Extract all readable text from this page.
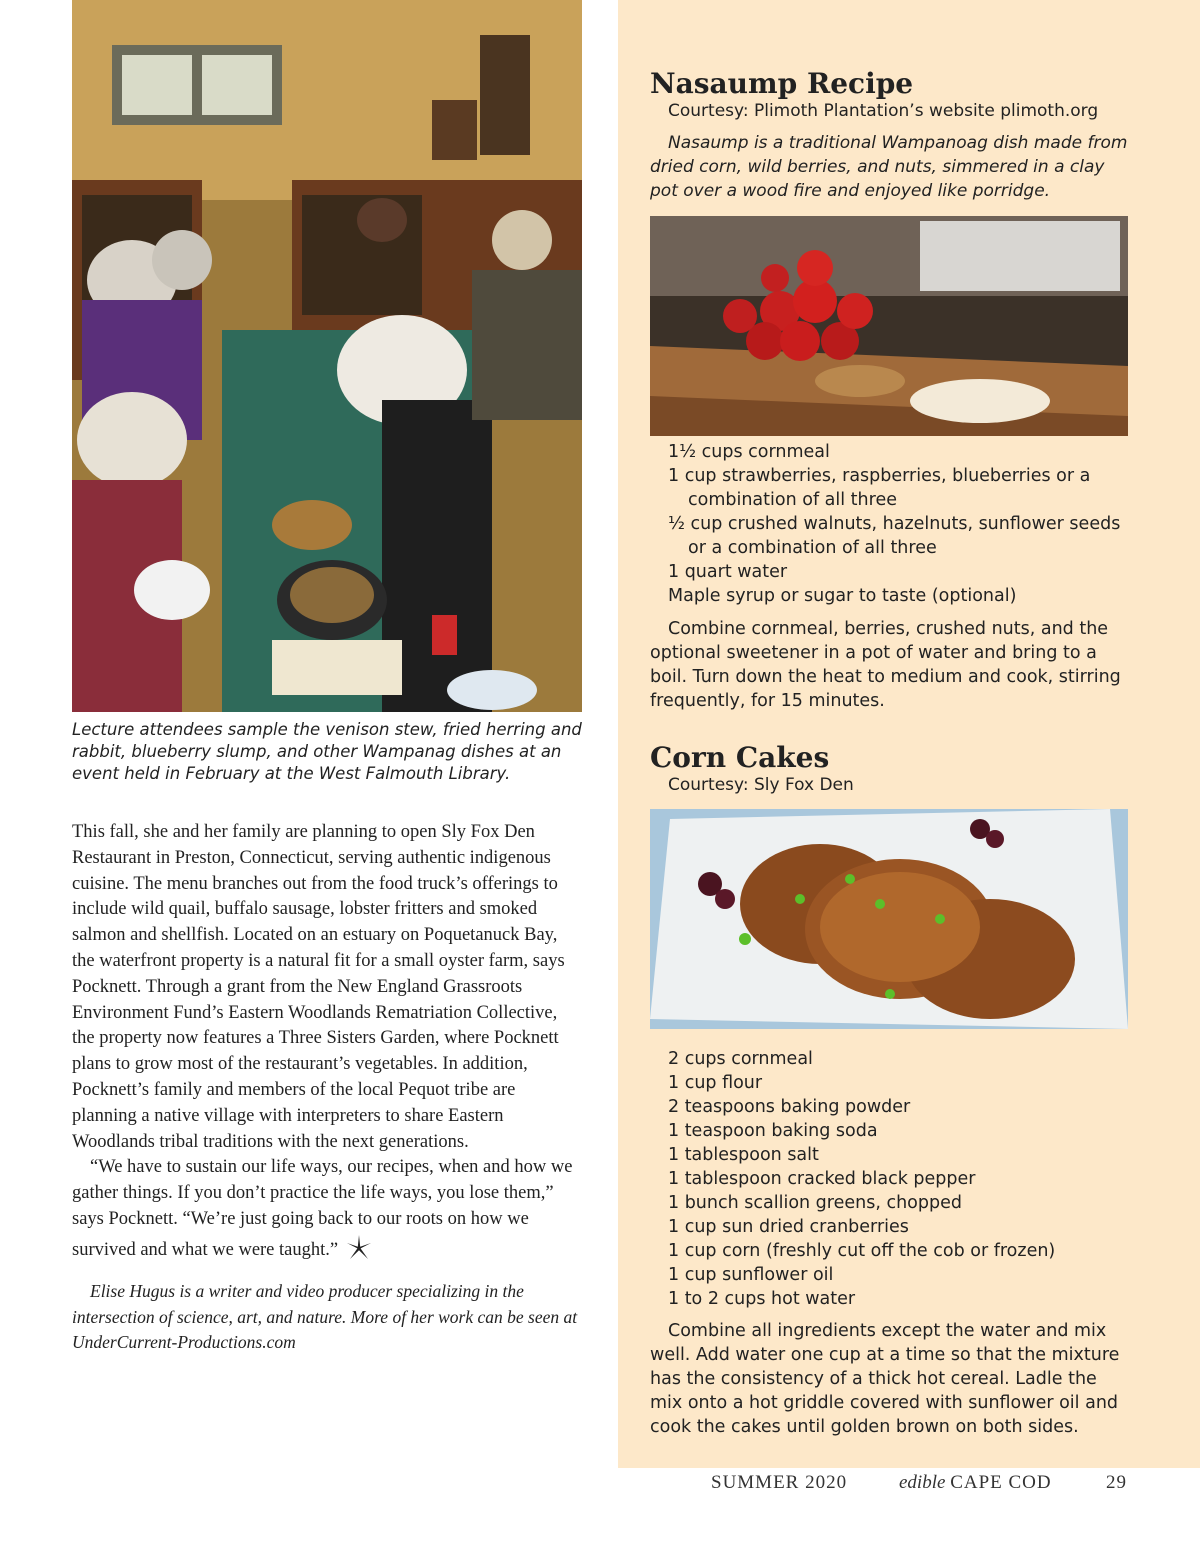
Lecture attendees sample the venison stew, fried herring and rabbit, blueberry slump, and other Wampanag dishes at an event held in February at the West Falmouth Library.

This fall, she and her family are planning to open Sly Fox Den Restaurant in Preston, Connecticut, serving authentic indigenous cuisine. The menu branches out from the food truck’s offerings to include wild quail, buffalo sausage, lobster fritters and smoked salmon and shellfish. Located on an estuary on Poquetanuck Bay, the waterfront property is a natural fit for a small oyster farm, says Pocknett. Through a grant from the New England Grassroots Environment Fund’s Eastern Woodlands Rematriation Collective, the property now features a Three Sisters Garden, where Pocknett plans to grow most of the restaurant’s vegetables. In addition, Pocknett’s family and members of the local Pequot tribe are planning a native village with interpreters to share Eastern Woodlands tribal traditions with the next generations.

“We have to sustain our life ways, our recipes, when and how we gather things. If you don’t practice the life ways, you lose them,” says Pocknett. “We’re just going back to our roots on how we survived and what we were taught.”

Elise Hugus is a writer and video producer specializing in the intersection of science, art, and nature. More of her work can be seen at UnderCurrent-Productions.com
Nasaump Recipe

Courtesy: Plimoth Plantation’s website plimoth.org

Nasaump is a traditional Wampanoag dish made from dried corn, wild berries, and nuts, simmered in a clay pot over a wood fire and enjoyed like porridge.

1½ cups cornmeal
1 cup strawberries, raspberries, blueberries or a combination of all three
½ cup crushed walnuts, hazelnuts, sunflower seeds or a combination of all three
1 quart water
Maple syrup or sugar to taste (optional)

Combine cornmeal, berries, crushed nuts, and the optional sweetener in a pot of water and bring to a boil. Turn down the heat to medium and cook, stirring frequently, for 15 minutes.

Corn Cakes

Courtesy: Sly Fox Den

2 cups cornmeal
1 cup flour
2 teaspoons baking powder
1 teaspoon baking soda
1 tablespoon salt
1 tablespoon cracked black pepper
1 bunch scallion greens, chopped
1 cup sun dried cranberries
1 cup corn (freshly cut off the cob or frozen)
1 cup sunflower oil
1 to 2 cups hot water

Combine all ingredients except the water and mix well. Add water one cup at a time so that the mixture has the consistency of a thick hot cereal. Ladle the mix onto a hot griddle covered with sunflower oil and cook the cakes until golden brown on both sides.

SUMMER 2020	edible CAPE COD	29
